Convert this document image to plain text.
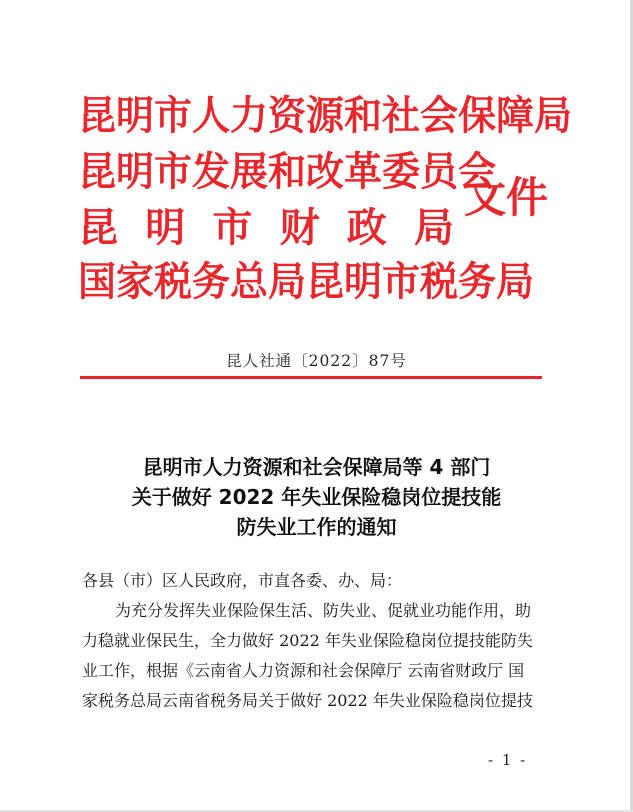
昆明市人力资源和社会保障局
昆明市发展和改革委员会
昆 明 市 财 政 局
国家税务总局昆明市税务局
文件
昆人社通〔2022〕87号
昆明市人力资源和社会保障局等 4 部门
关于做好 2022 年失业保险稳岗位提技能
防失业工作的通知
各县（市）区人民政府，市直各委、办、局：
为充分发挥失业保险保生活、防失业、促就业功能作用，助
力稳就业保民生，全力做好 2022 年失业保险稳岗位提技能防失
业工作，根据《云南省人力资源和社会保障厅 云南省财政厅 国
家税务总局云南省税务局关于做好 2022 年失业保险稳岗位提技
- 1 -
